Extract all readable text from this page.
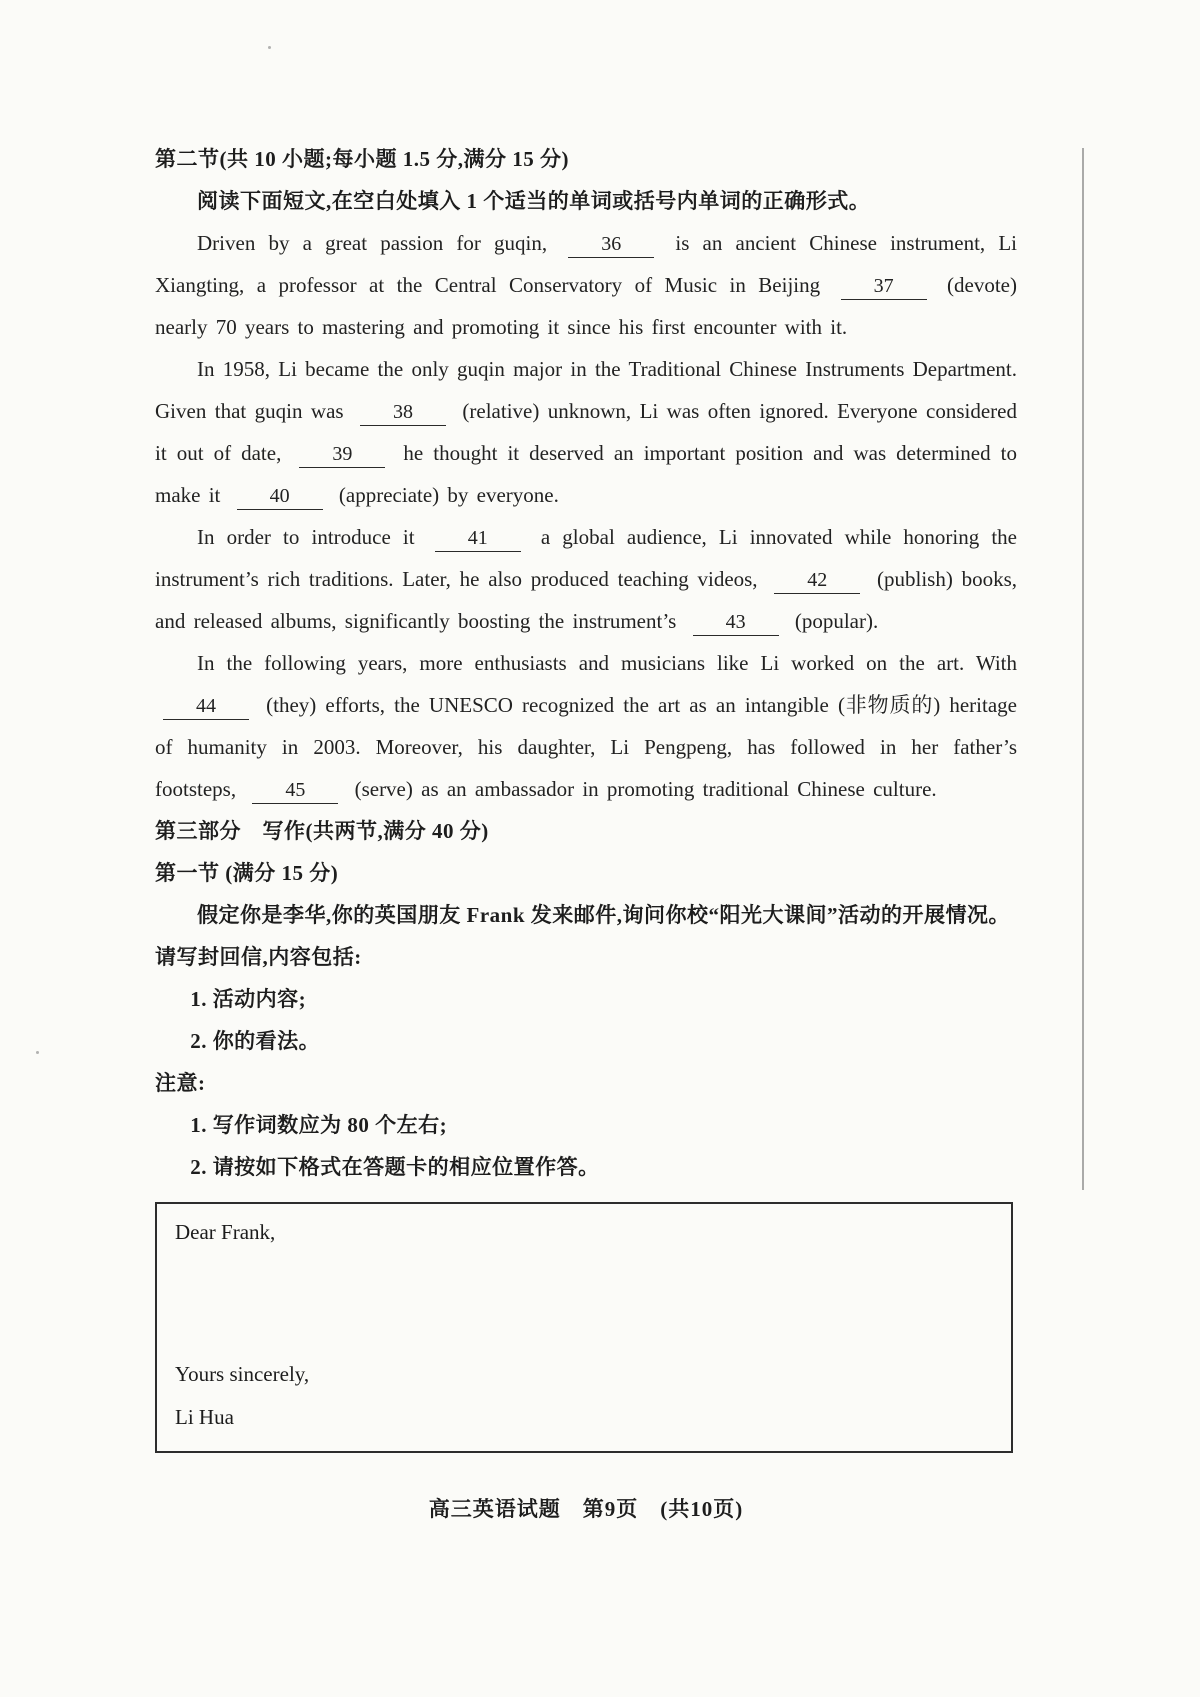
第二节(共 10 小题;每小题 1.5 分,满分 15 分)

阅读下面短文,在空白处填入 1 个适当的单词或括号内单词的正确形式。

Driven by a great passion for guqin, 36 is an ancient Chinese instrument, Li Xiangting, a professor at the Central Conservatory of Music in Beijing 37 (devote) nearly 70 years to mastering and promoting it since his first encounter with it.

In 1958, Li became the only guqin major in the Traditional Chinese Instruments Department. Given that guqin was 38 (relative) unknown, Li was often ignored. Everyone considered it out of date, 39 he thought it deserved an important position and was determined to make it 40 (appreciate) by everyone.

In order to introduce it 41 a global audience, Li innovated while honoring the instrument’s rich traditions. Later, he also produced teaching videos, 42 (publish) books, and released albums, significantly boosting the instrument’s 43 (popular).

In the following years, more enthusiasts and musicians like Li worked on the art. With 44 (they) efforts, the UNESCO recognized the art as an intangible (非物质的) heritage of humanity in 2003. Moreover, his daughter, Li Pengpeng, has followed in her father’s footsteps, 45 (serve) as an ambassador in promoting traditional Chinese culture.

第三部分　写作(共两节,满分 40 分)

第一节 (满分 15 分)

假定你是李华,你的英国朋友 Frank 发来邮件,询问你校“阳光大课间”活动的开展情况。请写封回信,内容包括:

1. 活动内容;

2. 你的看法。

注意:

1. 写作词数应为 80 个左右;

2. 请按如下格式在答题卡的相应位置作答。

Dear Frank,

Yours sincerely,

Li Hua

高三英语试题　第9页　(共10页)
